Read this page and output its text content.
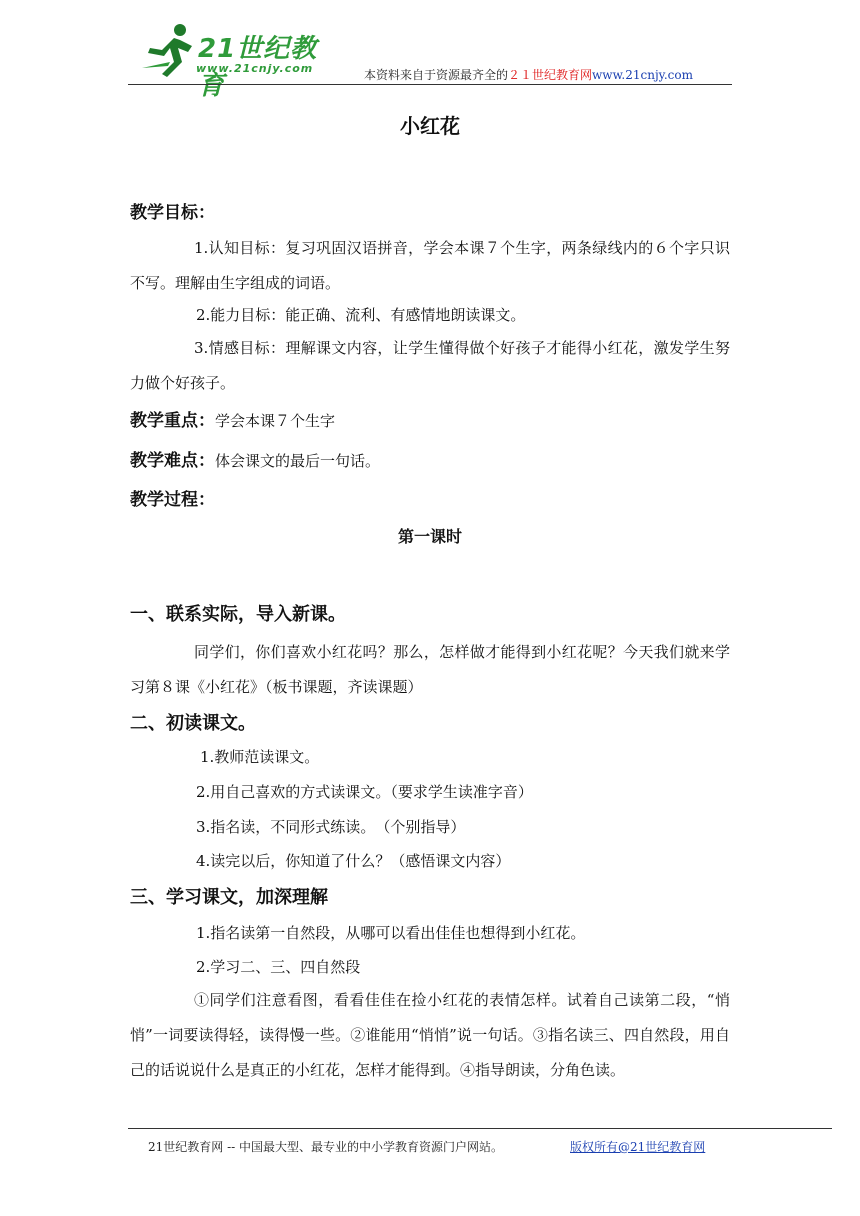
21世纪教育
www.21cnjy.com	本资料来自于资源最齐全的２１世纪教育网www.21cnjy.com
小红花
教学目标：
1.认知目标：复习巩固汉语拼音，学会本课７个生字，两条绿线内的６个字只识不写。理解由生字组成的词语。
2.能力目标：能正确、流利、有感情地朗读课文。
3.情感目标：理解课文内容，让学生懂得做个好孩子才能得小红花，激发学生努力做个好孩子。
教学重点：学会本课７个生字
教学难点：体会课文的最后一句话。
教学过程：
第一课时
一、联系实际，导入新课。
同学们，你们喜欢小红花吗？那么，怎样做才能得到小红花呢？今天我们就来学习第８课《小红花》（板书课题，齐读课题）
二、初读课文。
1.教师范读课文。
2.用自己喜欢的方式读课文。（要求学生读准字音）
3.指名读，不同形式练读。　（个别指导）
4.读完以后，你知道了什么？（感悟课文内容）
三、学习课文，加深理解
1.指名读第一自然段，从哪可以看出佳佳也想得到小红花。
2.学习二、三、四自然段
①同学们注意看图，看看佳佳在捡小红花的表情怎样。试着自己读第二段，“悄悄”一词要读得轻，读得慢一些。②谁能用“悄悄”说一句话。③指名读三、四自然段，用自己的话说说什么是真正的小红花，怎样才能得到。④指导朗读，分角色读。
21世纪教育网 -- 中国最大型、最专业的中小学教育资源门户网站。	版权所有@21世纪教育网
